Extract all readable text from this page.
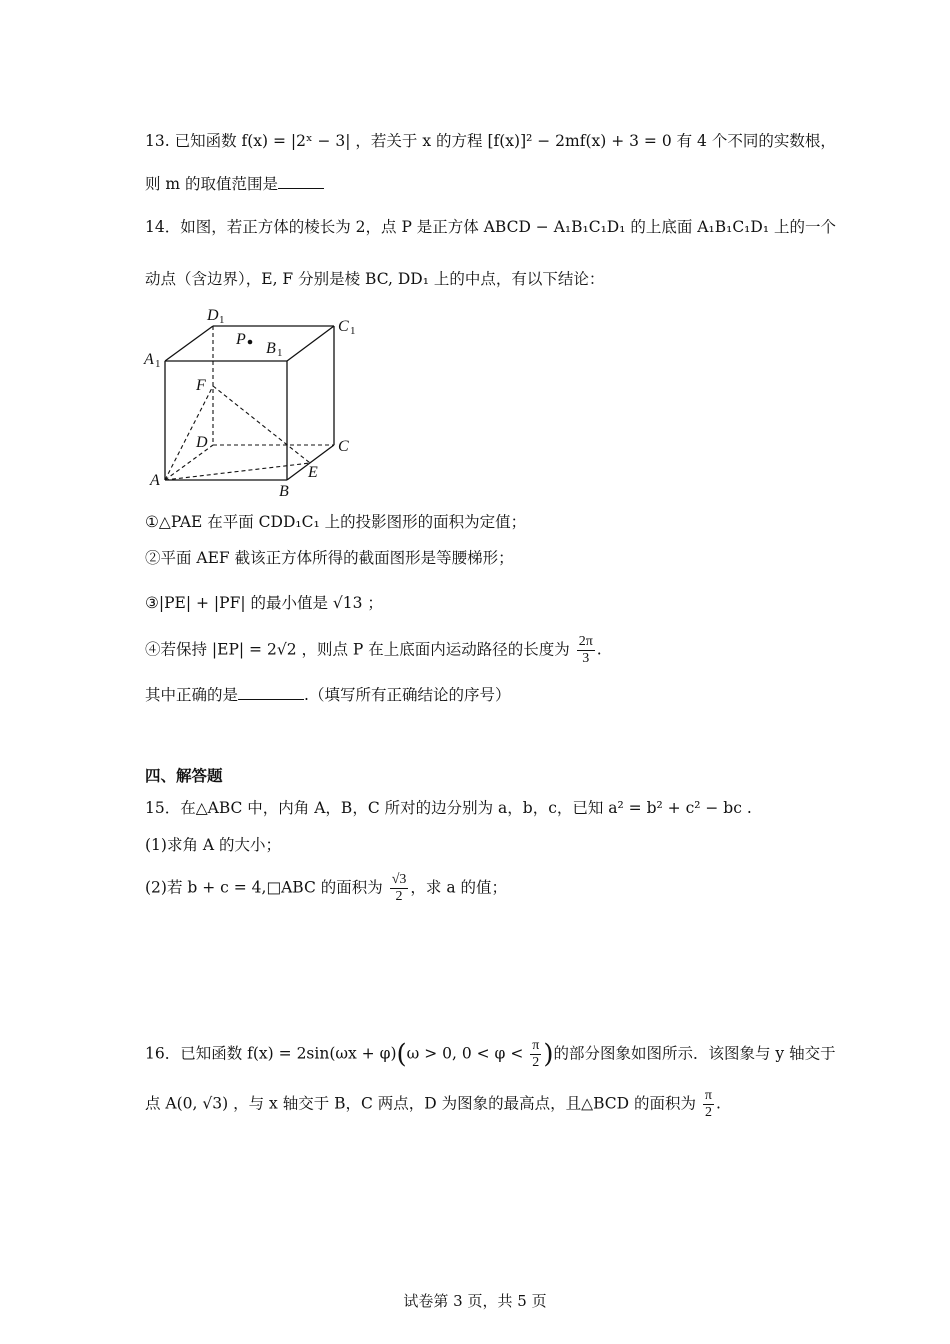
13. 已知函数 f(x) = |2ˣ − 3| ，若关于 x 的方程 [f(x)]² − 2mf(x) + 3 = 0 有 4 个不同的实数根，
则 m 的取值范围是
14．如图，若正方体的棱长为 2，点 P 是正方体 ABCD − A₁B₁C₁D₁ 的上底面 A₁B₁C₁D₁ 上的一个
动点（含边界），E, F 分别是棱 BC, DD₁ 上的中点，有以下结论：
D 1	C 1
A 1
P
B 1
F
D	C
A	E
B
①△PAE 在平面 CDD₁C₁ 上的投影图形的面积为定值；
②平面 AEF 截该正方体所得的截面图形是等腰梯形；
③|PE| + |PF| 的最小值是 √13 ；
④若保持 |EP| = 2√2 ，则点 P 在上底面内运动路径的长度为 $\frac{2\pi}{3}$ .
其中正确的是	.（填写所有正确结论的序号）
四、解答题
15．在△ABC 中，内角 A，B，C 所对的边分别为 a，b，c，已知 a² = b² + c² − bc .
(1)求角 A 的大小；
(2)若 b + c = 4,□ABC 的面积为 $\frac{√3}{2}$ ，求 a 的值；
16．已知函数 f(x) = 2sin(ωx + φ)(ω > 0, $0 < \varphi < \frac{\pi}{2}$ )的部分图象如图所示．该图象与 y 轴交于
点 A(0, √3) ，与 x 轴交于 B，C 两点，D 为图象的最高点，且△BCD 的面积为 $\frac{\pi}{2}$ .
试卷第 3 页，共 5 页
